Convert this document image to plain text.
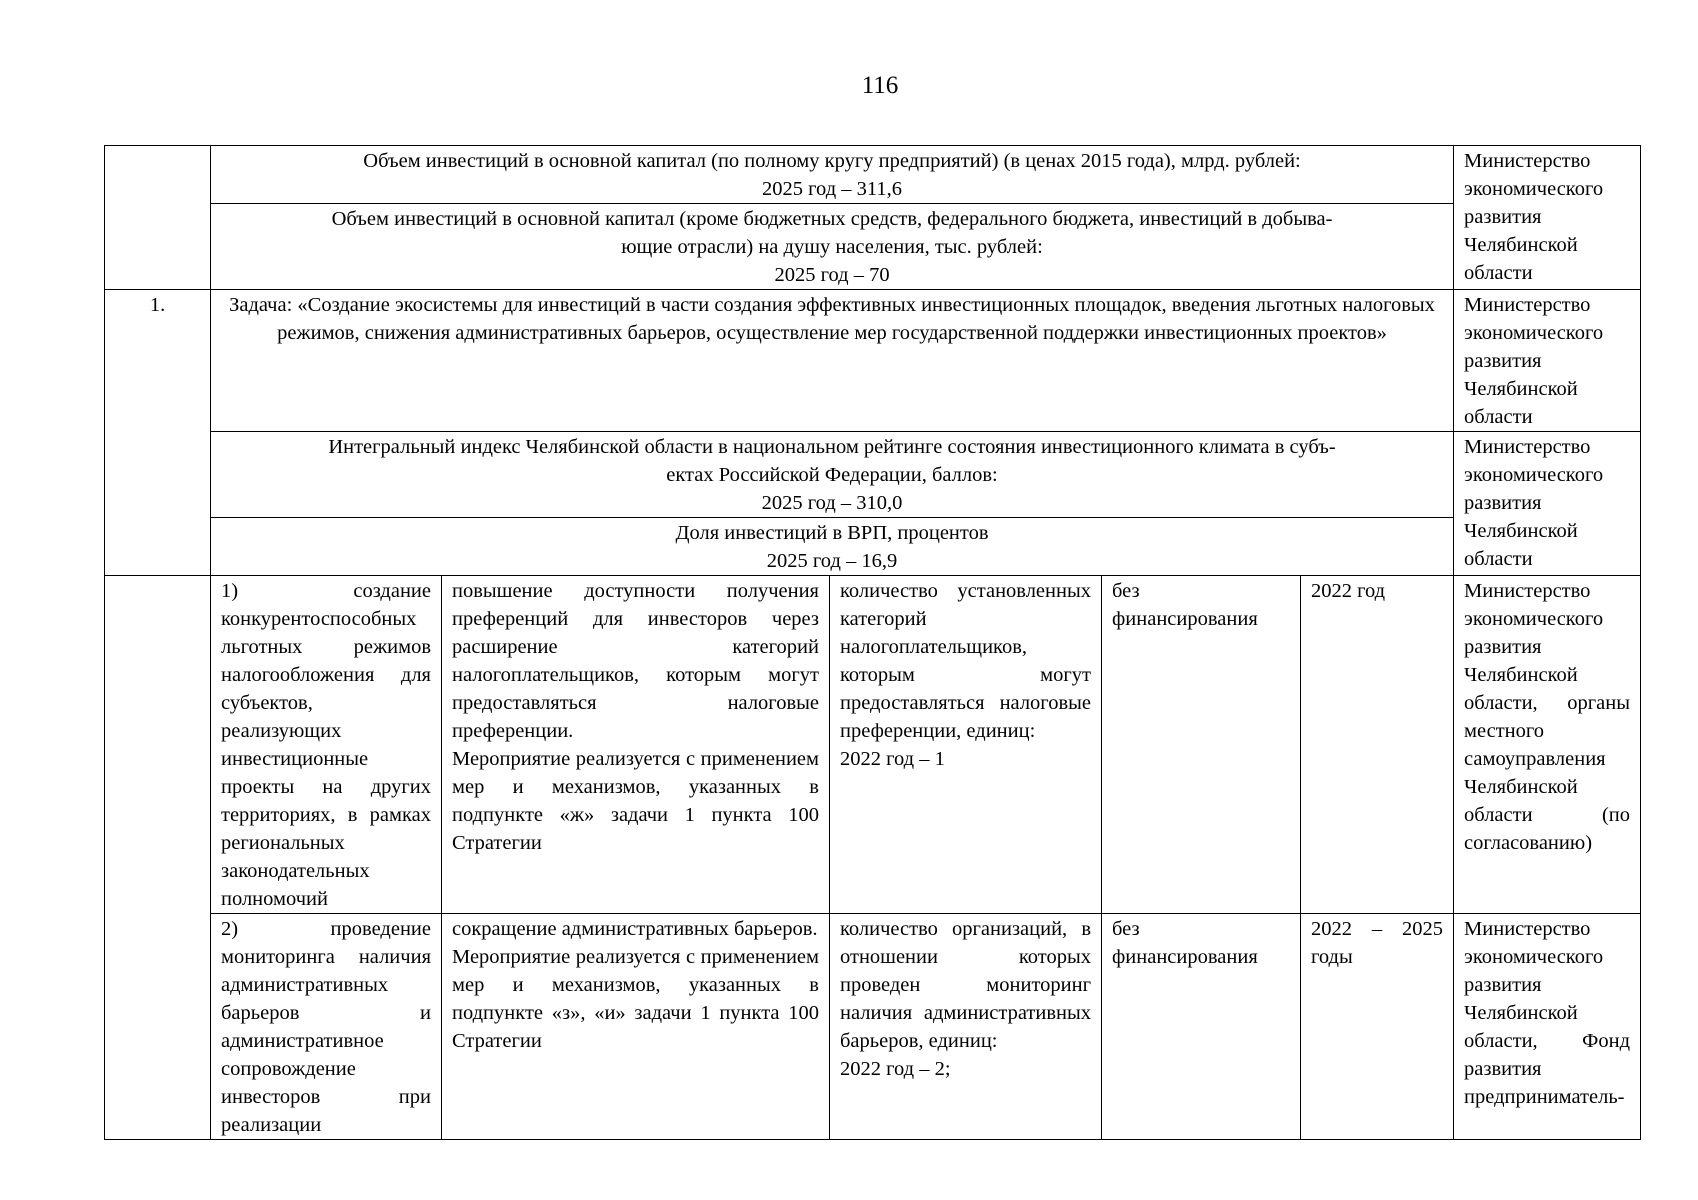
116

	Объем инвестиций в основной капитал (по полному кругу предприятий) (в ценах 2015 года), млрд. рублей:
2025 год – 311,6					Министерство экономического развития Челябинской области

	Объем инвестиций в основной капитал (кроме бюджетных средств, федерального бюджета, инвестиций в добыва-
ющие отрасли) на душу населения, тыс. рублей:
2025 год – 70					

1.	Задача: «Создание экосистемы для инвестиций в части создания эффективных инвестиционных площадок, введения льготных налоговых режимов, снижения административных барьеров, осуществление мер государственной поддержки инвестиционных проектов»					Министерство экономического развития Челябинской области

	Интегральный индекс Челябинской области в национальном рейтинге состояния инвестиционного климата в субъ-
ектах Российской Федерации, баллов:
2025 год – 310,0					Министерство экономического развития Челябинской области

	Доля инвестиций в ВРП, процентов
2025 год – 16,9					

	1) создание конкурентоспособных льготных режимов налогообложения для субъектов, реализующих инвестиционные проекты на других территориях, в рамках региональных законодательных полномочий	повышение доступности получения преференций для инвесторов через расширение категорий налогоплательщиков, которым могут предоставляться налоговые преференции.
Мероприятие реализуется с применением мер и механизмов, указанных в подпункте «ж» задачи 1 пункта 100 Стратегии	количество установленных категорий налогоплательщиков, которым могут предоставляться налоговые преференции, единиц:
2022 год – 1	без финансирования	2022 год	Министерство экономического развития Челябинской области, органы местного самоуправления Челябинской области (по согласованию)
	2) проведение мониторинга наличия административных барьеров и административное сопровождение инвесторов при реализации	сокращение административных барьеров.
Мероприятие реализуется с применением мер и механизмов, указанных в подпункте «з», «и» задачи 1 пункта 100 Стратегии	количество организаций, в отношении которых проведен мониторинг наличия административных барьеров, единиц:
2022 год – 2;	без финансирования	2022 – 2025 годы	Министерство экономического развития Челябинской области, Фонд развития предприниматель-
